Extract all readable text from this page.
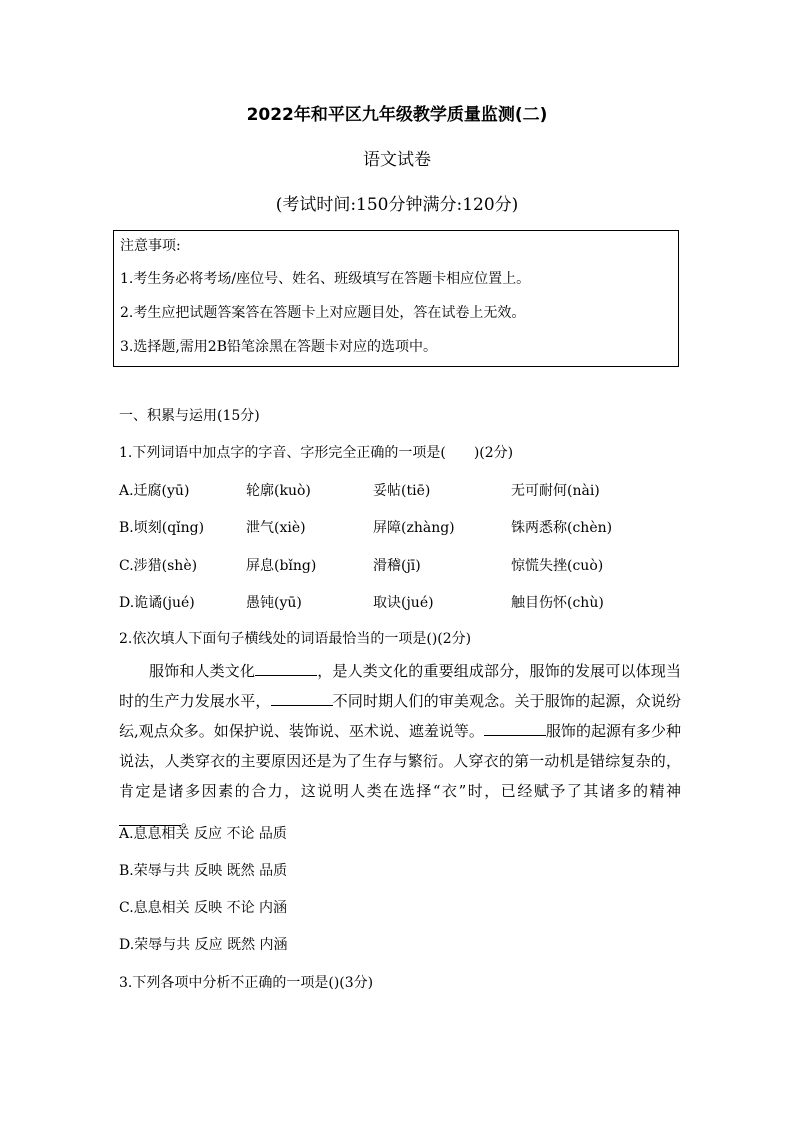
2022年和平区九年级教学质量监测(二)
语文试卷
(考试时间:150分钟满分:120分)
注意事项:
1.考生务必将考场/座位号、姓名、班级填写在答题卡相应位置上。
2.考生应把试题答案答在答题卡上对应题目处，答在试卷上无效。
3.选择题,需用2B铅笔涂黑在答题卡对应的选项中。
一、积累与运用(15分)
1.下列词语中加点字的字音、字形完全正确的一项是(　　)(2分)
A.迁腐(yū)	轮廓(kuò)	妥帖(tiē)	无可耐何(nài)
B.顷刻(qǐng)	泄气(xiè)	屏障(zhàng)	铢两悉称(chèn)
C.涉猎(shè)	屏息(bǐng)	滑稽(jī)	惊慌失挫(cuò)
D.诡谲(jué)	愚钝(yū)	取诀(jué)	触目伤怀(chù)
2.依次填人下面句子横线处的词语最恰当的一项是()(2分)
服饰和人类文化	，是人类文化的重要组成部分，服饰的发展可以体现当时的生产力发展水平，	不同时期人们的审美观念。关于服饰的起源，众说纷纭,观点众多。如保护说、装饰说、巫术说、遮羞说等。	服饰的起源有多少种说法，人类穿衣的主要原因还是为了生存与繁衍。人穿衣的第一动机是错综复杂的，肯定是诸多因素的合力，这说明人类在选择“衣”时，已经赋予了其诸多的精神。
A.息息相关 反应 不论 品质
B.荣辱与共 反映 既然 品质
C.息息相关 反映 不论 内涵
D.荣辱与共 反应 既然 内涵
3.下列各项中分析不正确的一项是()(3分)
